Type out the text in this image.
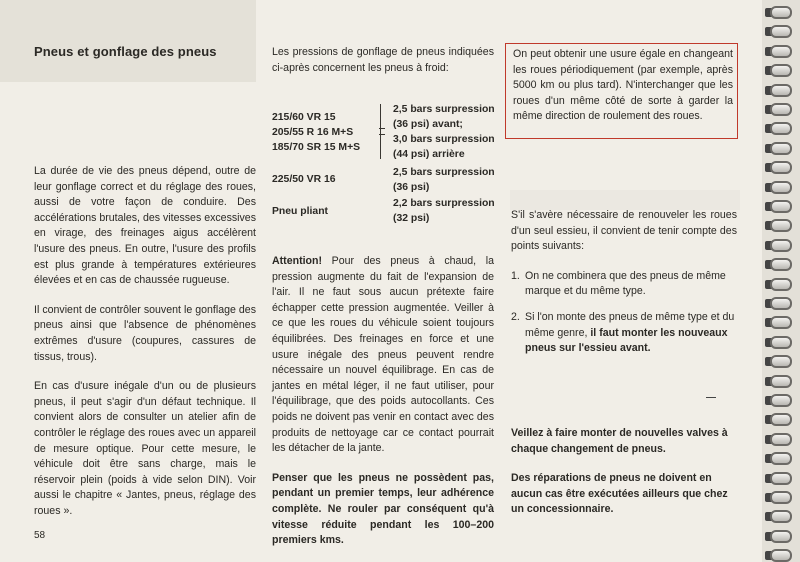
Pneus et gonflage des pneus

La durée de vie des pneus dépend, outre de leur gonflage correct et du réglage des roues, aussi de votre façon de conduire. Des accélérations brutales, des vitesses excessives en virage, des freinages aigus accélèrent l'usure des pneus. En outre, l'usure des profils est plus grande à températures extérieures élevées et en cas de chaussée rugueuse.

Il convient de contrôler souvent le gonflage des pneus ainsi que l'absence de phénomènes extrêmes d'usure (coupures, cassures de tissus, trous).

En cas d'usure inégale d'un ou de plusieurs pneus, il peut s'agir d'un défaut technique. Il convient alors de consulter un atelier afin de contrôler le réglage des roues avec un appareil de mesure optique. Pour cette mesure, le véhicule doit être sans charge, mais le réservoir plein (poids à vide selon DIN). Voir aussi le chapitre « Jantes, pneus, réglage des roues ».

Les pressions de gonflage de pneus indiquées ci-après concernent les pneus à froid:

215/60 VR 15
205/55 R 16 M+S
185/70 SR 15 M+S
2,5 bars surpression
(36 psi) avant;
3,0 bars surpression
(44 psi) arrière
225/50 VR 16
2,5 bars surpression
(36 psi)
Pneu pliant
2,2 bars surpression
(32 psi)

Attention! Pour des pneus à chaud, la pression augmente du fait de l'expansion de l'air. Il ne faut sous aucun prétexte faire échapper cette pression augmentée. Veiller à ce que les roues du véhicule soient toujours équilibrées. Des freinages en force et une usure inégale des pneus peuvent rendre nécessaire un nouvel équilibrage. En cas de jantes en métal léger, il ne faut utiliser, pour l'équilibrage, que des poids autocollants. Ces poids ne doivent pas venir en contact avec des produits de nettoyage car ce contact pourrait les détacher de la jante.

Penser que les pneus ne possèdent pas, pendant un premier temps, leur adhérence complète. Ne rouler par conséquent qu'à vitesse réduite pendant les 100–200 premiers kms.

On peut obtenir une usure égale en changeant les roues périodiquement (par exemple, après 5000 km ou plus tard). N'interchanger que les roues d'un même côté de sorte à garder la même direction de roulement des roues.

S'il s'avère nécessaire de renouveler les roues d'un seul essieu, il convient de tenir compte des points suivants:

1. On ne combinera que des pneus de même marque et du même type.
2. Si l'on monte des pneus de même type et du même genre, il faut monter les nouveaux pneus sur l'essieu avant.

Veillez à faire monter de nouvelles valves à chaque changement de pneus.

Des réparations de pneus ne doivent en aucun cas être exécutées ailleurs que chez un concessionnaire.

58
